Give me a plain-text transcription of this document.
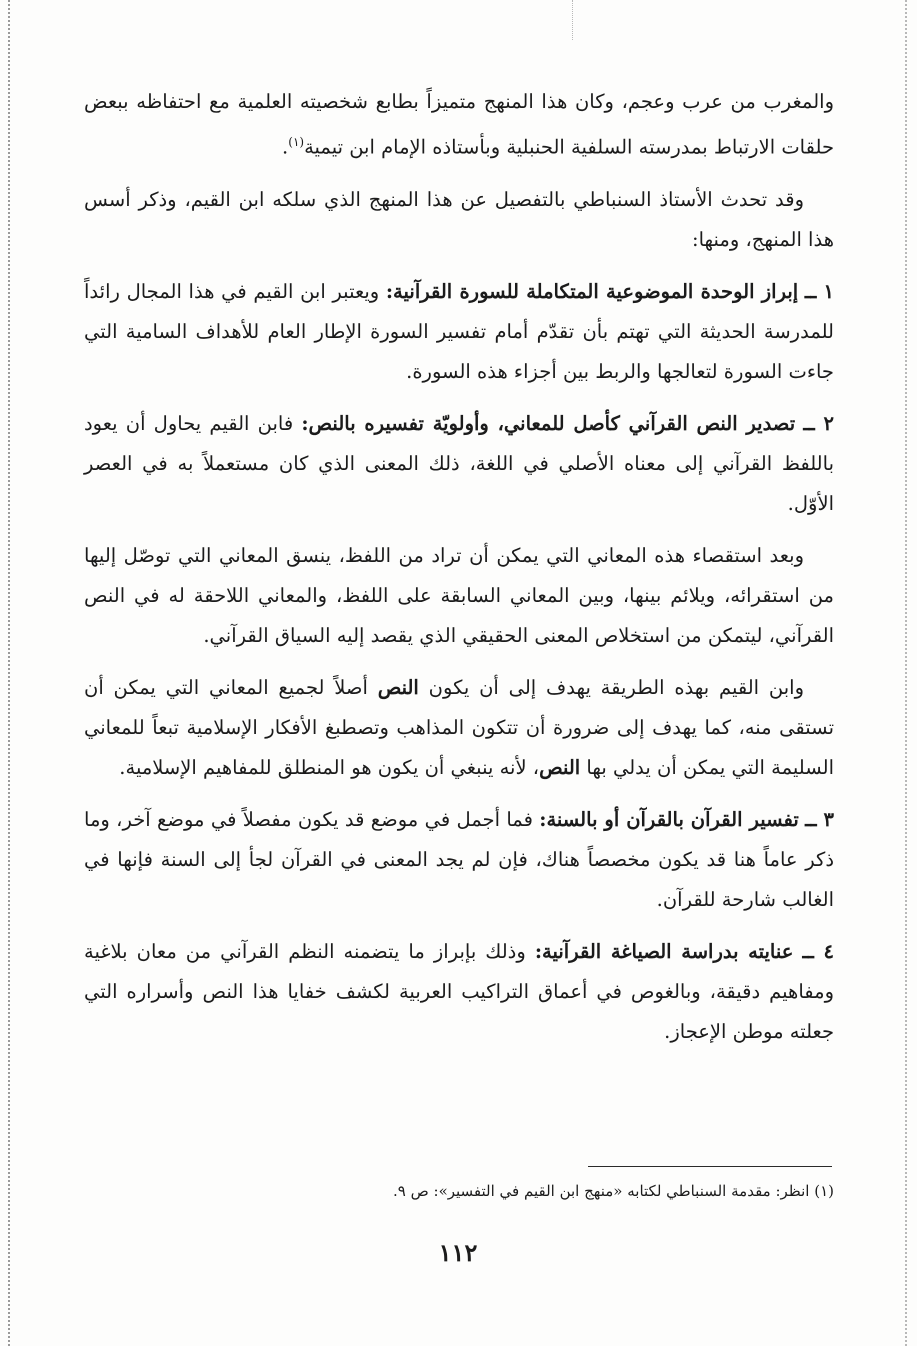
والمغرب من عرب وعجم، وكان هذا المنهج متميزاً بطابع شخصيته العلمية مع احتفاظه ببعض حلقات الارتباط بمدرسته السلفية الحنبلية وبأستاذه الإمام ابن تيمية$^{(١)}$.

وقد تحدث الأستاذ السنباطي بالتفصيل عن هذا المنهج الذي سلكه ابن القيم، وذكر أسس هذا المنهج، ومنها:

١ ــ إبراز الوحدة الموضوعية المتكاملة للسورة القرآنية: ويعتبر ابن القيم في هذا المجال رائداً للمدرسة الحديثة التي تهتم بأن تقدّم أمام تفسير السورة الإطار العام للأهداف السامية التي جاءت السورة لتعالجها والربط بين أجزاء هذه السورة.

٢ ــ تصدير النص القرآني كأصل للمعاني، وأولويّة تفسيره بالنص: فابن القيم يحاول أن يعود باللفظ القرآني إلى معناه الأصلي في اللغة، ذلك المعنى الذي كان مستعملاً به في العصر الأوّل.

وبعد استقصاء هذه المعاني التي يمكن أن تراد من اللفظ، ينسق المعاني التي توصّل إليها من استقرائه، ويلائم بينها، وبين المعاني السابقة على اللفظ، والمعاني اللاحقة له في النص القرآني، ليتمكن من استخلاص المعنى الحقيقي الذي يقصد إليه السياق القرآني.

وابن القيم بهذه الطريقة يهدف إلى أن يكون النص أصلاً لجميع المعاني التي يمكن أن تستقى منه، كما يهدف إلى ضرورة أن تتكون المذاهب وتصطبغ الأفكار الإسلامية تبعاً للمعاني السليمة التي يمكن أن يدلي بها النص، لأنه ينبغي أن يكون هو المنطلق للمفاهيم الإسلامية.

٣ ــ تفسير القرآن بالقرآن أو بالسنة: فما أجمل في موضع قد يكون مفصلاً في موضع آخر، وما ذكر عاماً هنا قد يكون مخصصاً هناك، فإن لم يجد المعنى في القرآن لجأ إلى السنة فإنها في الغالب شارحة للقرآن.

٤ ــ عنايته بدراسة الصياغة القرآنية: وذلك بإبراز ما يتضمنه النظم القرآني من معان بلاغية ومفاهيم دقيقة، وبالغوص في أعماق التراكيب العربية لكشف خفايا هذا النص وأسراره التي جعلته موطن الإعجاز.

(١) انظر: مقدمة السنباطي لكتابه «منهج ابن القيم في التفسير»: ص ٩.
١١٢
